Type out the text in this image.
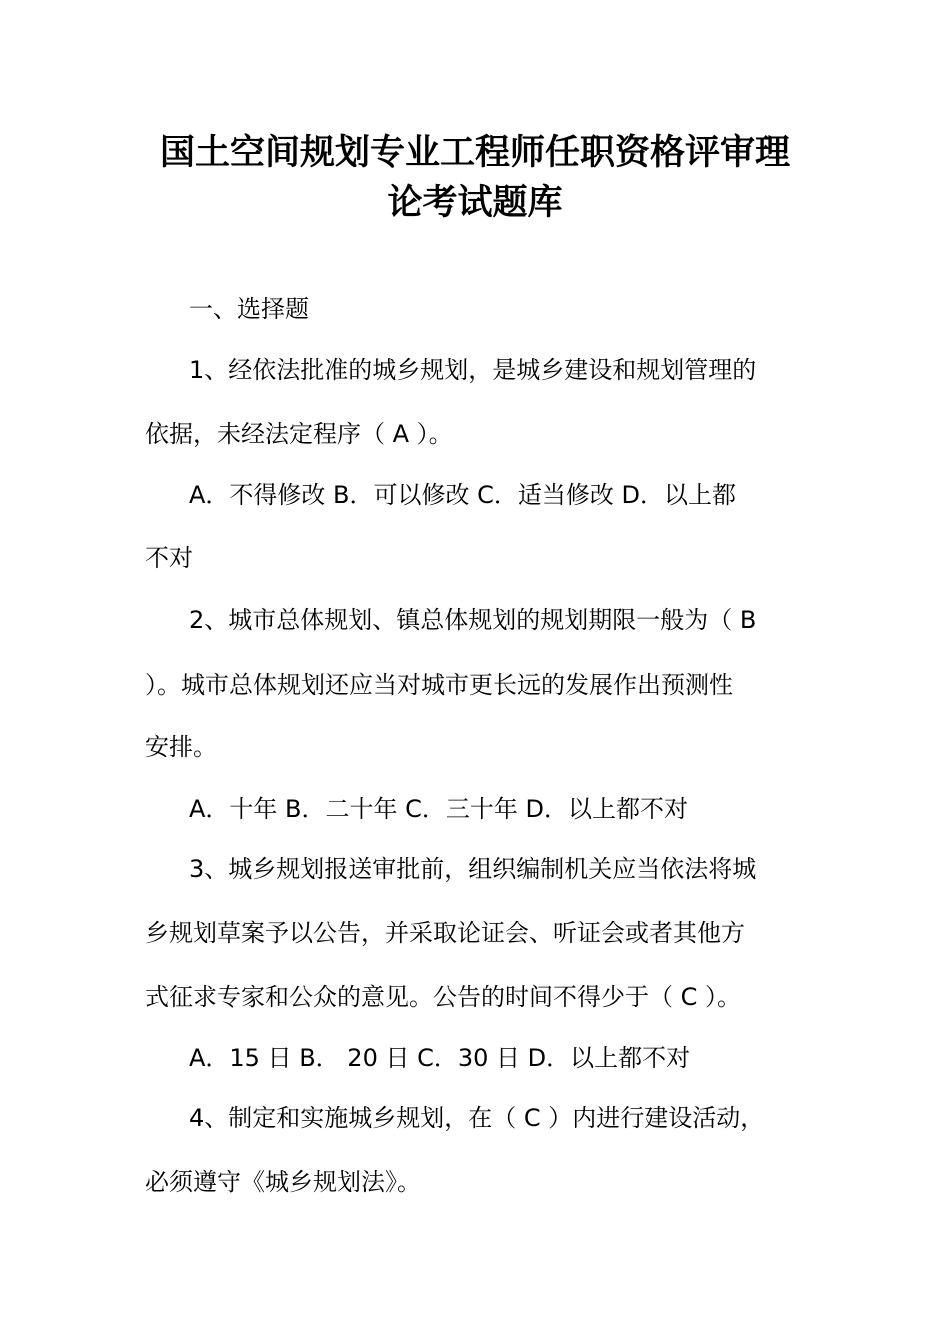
国土空间规划专业工程师任职资格评审理
论考试题库
一、选择题
1、经依法批准的城乡规划，是城乡建设和规划管理的
依据，未经法定程序（ A ）。
A．不得修改 B．可以修改 C．适当修改 D．以上都
不对
2、城市总体规划、镇总体规划的规划期限一般为（ B
）。城市总体规划还应当对城市更长远的发展作出预测性
安排。
A．十年 B．二十年 C．三十年 D．以上都不对
3、城乡规划报送审批前，组织编制机关应当依法将城
乡规划草案予以公告，并采取论证会、听证会或者其他方
式征求专家和公众的意见。公告的时间不得少于（ C ）。
A．15 日 B． 20 日 C．30 日 D．以上都不对
4、制定和实施城乡规划，在（ C ）内进行建设活动，
必须遵守《城乡规划法》。
